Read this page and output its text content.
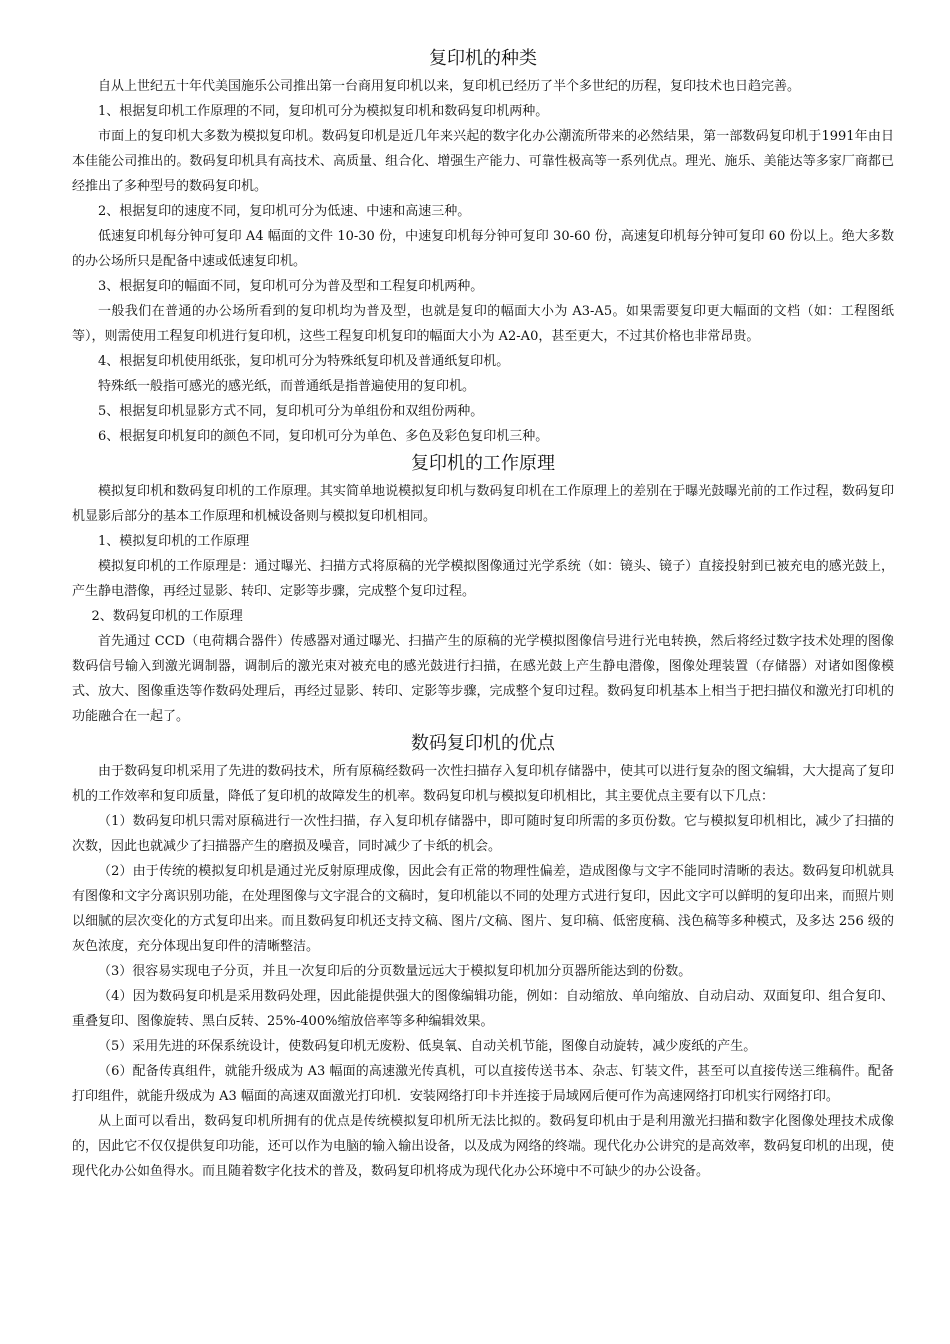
复印机的种类

自从上世纪五十年代美国施乐公司推出第一台商用复印机以来，复印机已经历了半个多世纪的历程，复印技术也日趋完善。

1、根据复印机工作原理的不同，复印机可分为模拟复印机和数码复印机两种。

市面上的复印机大多数为模拟复印机。数码复印机是近几年来兴起的数字化办公潮流所带来的必然结果，第一部数码复印机于1991年由日本佳能公司推出的。数码复印机具有高技术、高质量、组合化、增强生产能力、可靠性极高等一系列优点。理光、施乐、美能达等多家厂商都已经推出了多种型号的数码复印机。

2、根据复印的速度不同，复印机可分为低速、中速和高速三种。

低速复印机每分钟可复印 A4 幅面的文件 10-30 份，中速复印机每分钟可复印 30-60 份，高速复印机每分钟可复印 60 份以上。绝大多数的办公场所只是配备中速或低速复印机。

3、根据复印的幅面不同，复印机可分为普及型和工程复印机两种。

一般我们在普通的办公场所看到的复印机均为普及型，也就是复印的幅面大小为 A3-A5。如果需要复印更大幅面的文档（如：工程图纸等），则需使用工程复印机进行复印机，这些工程复印机复印的幅面大小为 A2-A0，甚至更大，不过其价格也非常昂贵。

4、根据复印机使用纸张，复印机可分为特殊纸复印机及普通纸复印机。

特殊纸一般指可感光的感光纸，而普通纸是指普遍使用的复印机。

5、根据复印机显影方式不同，复印机可分为单组份和双组份两种。

6、根据复印机复印的颜色不同，复印机可分为单色、多色及彩色复印机三种。

复印机的工作原理

模拟复印机和数码复印机的工作原理。其实简单地说模拟复印机与数码复印机在工作原理上的差别在于曝光鼓曝光前的工作过程，数码复印机显影后部分的基本工作原理和机械设备则与模拟复印机相同。

1、模拟复印机的工作原理

模拟复印机的工作原理是：通过曝光、扫描方式将原稿的光学模拟图像通过光学系统（如：镜头、镜子）直接投射到已被充电的感光鼓上，产生静电潜像，再经过显影、转印、定影等步骤，完成整个复印过程。

2、数码复印机的工作原理

首先通过 CCD（电荷耦合器件）传感器对通过曝光、扫描产生的原稿的光学模拟图像信号进行光电转换，然后将经过数字技术处理的图像数码信号输入到激光调制器，调制后的激光束对被充电的感光鼓进行扫描，在感光鼓上产生静电潜像，图像处理装置（存储器）对诸如图像模式、放大、图像重迭等作数码处理后，再经过显影、转印、定影等步骤，完成整个复印过程。数码复印机基本上相当于把扫描仪和激光打印机的功能融合在一起了。

数码复印机的优点

由于数码复印机采用了先进的数码技术，所有原稿经数码一次性扫描存入复印机存储器中，使其可以进行复杂的图文编辑，大大提高了复印机的工作效率和复印质量，降低了复印机的故障发生的机率。数码复印机与模拟复印机相比，其主要优点主要有以下几点：

（1）数码复印机只需对原稿进行一次性扫描，存入复印机存储器中，即可随时复印所需的多页份数。它与模拟复印机相比，减少了扫描的次数，因此也就减少了扫描器产生的磨损及噪音，同时减少了卡纸的机会。

（2）由于传统的模拟复印机是通过光反射原理成像，因此会有正常的物理性偏差，造成图像与文字不能同时清晰的表达。数码复印机就具有图像和文字分离识别功能，在处理图像与文字混合的文稿时，复印机能以不同的处理方式进行复印，因此文字可以鲜明的复印出来，而照片则以细腻的层次变化的方式复印出来。而且数码复印机还支持文稿、图片/文稿、图片、复印稿、低密度稿、浅色稿等多种模式，及多达 256 级的灰色浓度，充分体现出复印件的清晰整洁。

（3）很容易实现电子分页，并且一次复印后的分页数量远远大于模拟复印机加分页器所能达到的份数。

（4）因为数码复印机是采用数码处理，因此能提供强大的图像编辑功能，例如：自动缩放、单向缩放、自动启动、双面复印、组合复印、重叠复印、图像旋转、黑白反转、25%-400%缩放倍率等多种编辑效果。

（5）采用先进的环保系统设计，使数码复印机无废粉、低臭氧、自动关机节能，图像自动旋转，减少废纸的产生。

（6）配备传真组件，就能升级成为 A3 幅面的高速激光传真机，可以直接传送书本、杂志、钉装文件，甚至可以直接传送三维稿件。配备打印组件，就能升级成为 A3 幅面的高速双面激光打印机．安装网络打印卡并连接于局域网后便可作为高速网络打印机实行网络打印。

从上面可以看出，数码复印机所拥有的优点是传统模拟复印机所无法比拟的。数码复印机由于是利用激光扫描和数字化图像处理技术成像的，因此它不仅仅提供复印功能，还可以作为电脑的输入输出设备，以及成为网络的终端。现代化办公讲究的是高效率，数码复印机的出现，使现代化办公如鱼得水。而且随着数字化技术的普及，数码复印机将成为现代化办公环境中不可缺少的办公设备。
